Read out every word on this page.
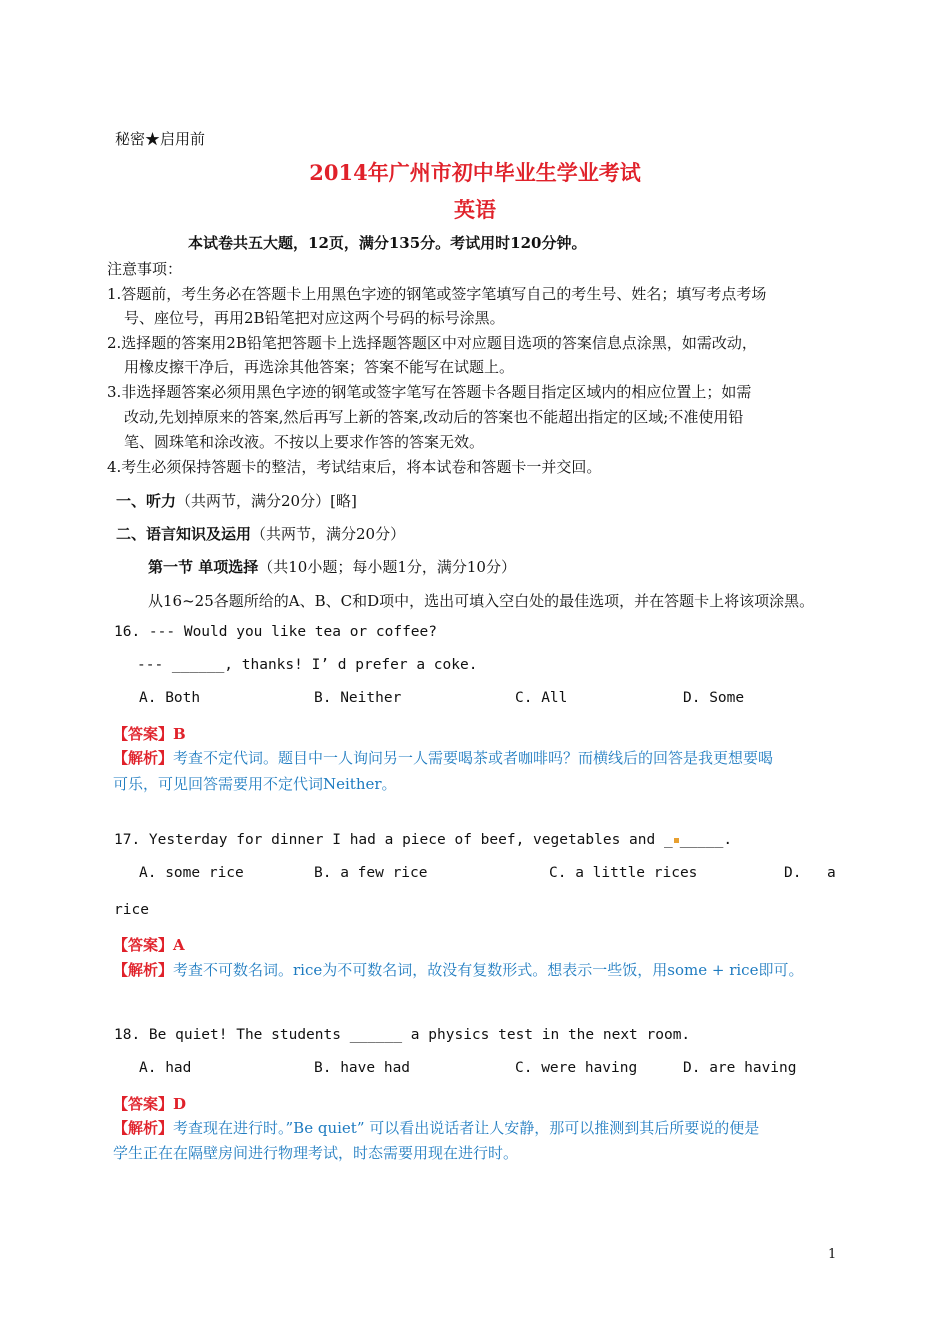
秘密★启用前
2014年广州市初中毕业生学业考试
英语
本试卷共五大题，12页，满分135分。考试用时120分钟。
注意事项：
1.答题前，考生务必在答题卡上用黑色字迹的钢笔或签字笔填写自己的考生号、姓名；填写考点考场
号、座位号，再用2B铅笔把对应这两个号码的标号涂黑。
2.选择题的答案用2B铅笔把答题卡上选择题答题区中对应题目选项的答案信息点涂黑，如需改动，
用橡皮擦干净后，再选涂其他答案；答案不能写在试题上。
3.非选择题答案必须用黑色字迹的钢笔或签字笔写在答题卡各题目指定区域内的相应位置上；如需
改动,先划掉原来的答案,然后再写上新的答案,改动后的答案也不能超出指定的区域;不准使用铅
笔、圆珠笔和涂改液。不按以上要求作答的答案无效。
4.考生必须保持答题卡的整洁，考试结束后，将本试卷和答题卡一并交回。
一、听力（共两节，满分20分）[略]
二、语言知识及运用（共两节，满分20分）
第一节 单项选择（共10小题；每小题1分，满分10分）
从16~25各题所给的A、B、C和D项中，选出可填入空白处的最佳选项，并在答题卡上将该项涂黑。
16. --- Would you like tea or coffee?
--- ______, thanks! I’ d prefer a coke.
A. Both	B. Neither	C. All	D. Some
【答案】B
【解析】考查不定代词。题目中一人询问另一人需要喝茶或者咖啡吗？而横线后的回答是我更想要喝
可乐，可见回答需要用不定代词Neither。
17. Yesterday for dinner I had a piece of beef, vegetables and _ _____.
A. some rice	B. a few rice	C. a little rices	D. a
rice
【答案】A
【解析】考查不可数名词。rice为不可数名词，故没有复数形式。想表示一些饭，用some + rice即可。
18. Be quiet! The students ______ a physics test in the next room.
A. had	B. have had	C. were having	D. are having
【答案】D
【解析】考查现在进行时。”Be quiet” 可以看出说话者让人安静，那可以推测到其后所要说的便是
学生正在在隔壁房间进行物理考试，时态需要用现在进行时。
1
